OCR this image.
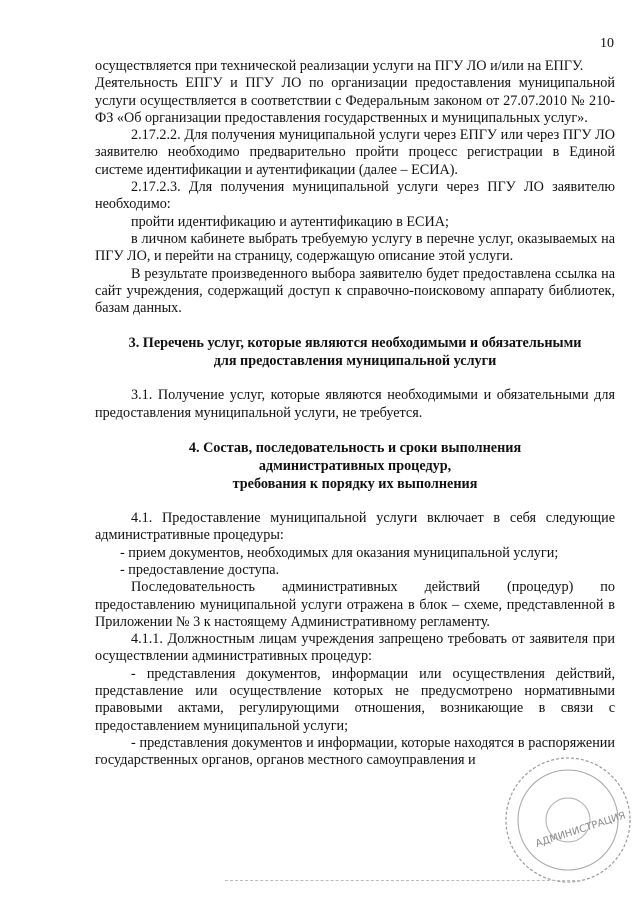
10

осуществляется при технической реализации услуги на ПГУ ЛО и/или на ЕПГУ.

Деятельность ЕПГУ и ПГУ ЛО по организации предоставления муниципальной услуги осуществляется в соответствии с Федеральным законом от 27.07.2010 № 210-ФЗ «Об организации предоставления государственных и муниципальных услуг».

2.17.2.2. Для получения муниципальной услуги через ЕПГУ или через ПГУ ЛО заявителю необходимо предварительно пройти процесс регистрации в Единой системе идентификации и аутентификации (далее – ЕСИА).

2.17.2.3. Для получения муниципальной услуги через ПГУ ЛО заявителю необходимо:

пройти идентификацию и аутентификацию в ЕСИА;

в личном кабинете выбрать требуемую услугу в перечне услуг, оказываемых на ПГУ ЛО, и перейти на страницу, содержащую описание этой услуги.

В результате произведенного выбора заявителю будет предоставлена ссылка на сайт учреждения, содержащий доступ к справочно-поисковому аппарату библиотек, базам данных.

3. Перечень услуг, которые являются необходимыми и обязательными
для предоставления муниципальной услуги

3.1. Получение услуг, которые являются необходимыми и обязательными для предоставления муниципальной услуги, не требуется.

4. Состав, последовательность и сроки выполнения
административных процедур,
требования к порядку их выполнения

4.1. Предоставление муниципальной услуги включает в себя следующие административные процедуры:

- прием документов, необходимых для оказания муниципальной услуги;

- предоставление доступа.

Последовательность административных действий (процедур) по предоставлению муниципальной услуги отражена в блок – схеме, представленной в Приложении № 3 к настоящему Административному регламенту.

4.1.1. Должностным лицам учреждения запрещено требовать от заявителя при осуществлении административных процедур:

- представления документов, информации или осуществления действий, представление или осуществление которых не предусмотрено нормативными правовыми актами, регулирующими отношения, возникающие в связи с предоставлением муниципальной услуги;

- представления документов и информации, которые находятся в распоряжении государственных органов, органов местного самоуправления и

АДМИНИСТРАЦИЯ
